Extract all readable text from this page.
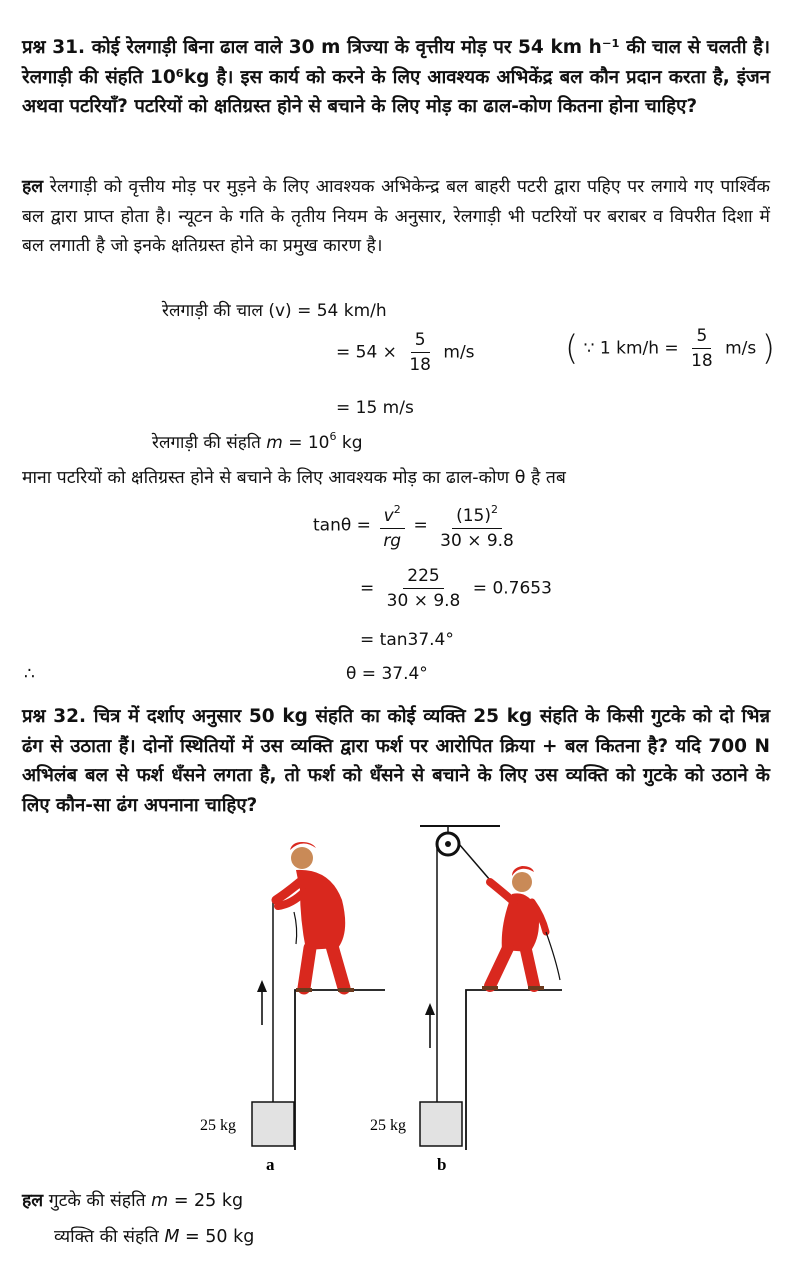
प्रश्न 31. कोई रेलगाड़ी बिना ढाल वाले 30 m त्रिज्या के वृत्तीय मोड़ पर 54 km h⁻¹ की चाल से चलती है। रेलगाड़ी की संहति 10⁶kg है। इस कार्य को करने के लिए आवश्यक अभिकेंद्र बल कौन प्रदान करता है, इंजन अथवा पटरियाँ? पटरियों को क्षतिग्रस्त होने से बचाने के लिए मोड़ का ढाल-कोण कितना होना चाहिए?
हल रेलगाड़ी को वृत्तीय मोड़ पर मुड़ने के लिए आवश्यक अभिकेन्द्र बल बाहरी पटरी द्वारा पहिए पर लगाये गए पार्श्विक बल द्वारा प्राप्त होता है। न्यूटन के गति के तृतीय नियम के अनुसार, रेलगाड़ी भी पटरियों पर बराबर व विपरीत दिशा में बल लगाती है जो इनके क्षतिग्रस्त होने का प्रमुख कारण है।
रेलगाड़ी की चाल (v) = 54 km/h
= $54 \times \frac{5}{18} m/s$	( ∵ 1 $km/h = \frac{5}{18} m/s$ )
= 15 m/s
रेलगाड़ी की संहति $m = 10^6$ kg
माना पटरियों को क्षतिग्रस्त होने से बचाने के लिए आवश्यक मोड़ का ढाल-कोण θ है तब
$\tan\theta = \frac{v^2}{rg} = \frac{(15)^2}{30 \times 9.8}$
= $\frac{225}{30 \times 9.8} = 0.7653$
= tan37.4°
∴	θ = 37.4°
प्रश्न 32. चित्र में दर्शाए अनुसार 50 kg संहति का कोई व्यक्ति 25 kg संहति के किसी गुटके को दो भिन्न ढंग से उठाता हैं। दोनों स्थितियों में उस व्यक्ति द्वारा फर्श पर आरोपित क्रिया + बल कितना है? यदि 700 N अभिलंब बल से फर्श धँसने लगता है, तो फर्श को धँसने से बचाने के लिए उस व्यक्ति को गुटके को उठाने के लिए कौन-सा ढंग अपनाना चाहिए?
25 kg
a
25 kg
b
हल गुटके की संहति m = 25 kg
व्यक्ति की संहति M = 50 kg
